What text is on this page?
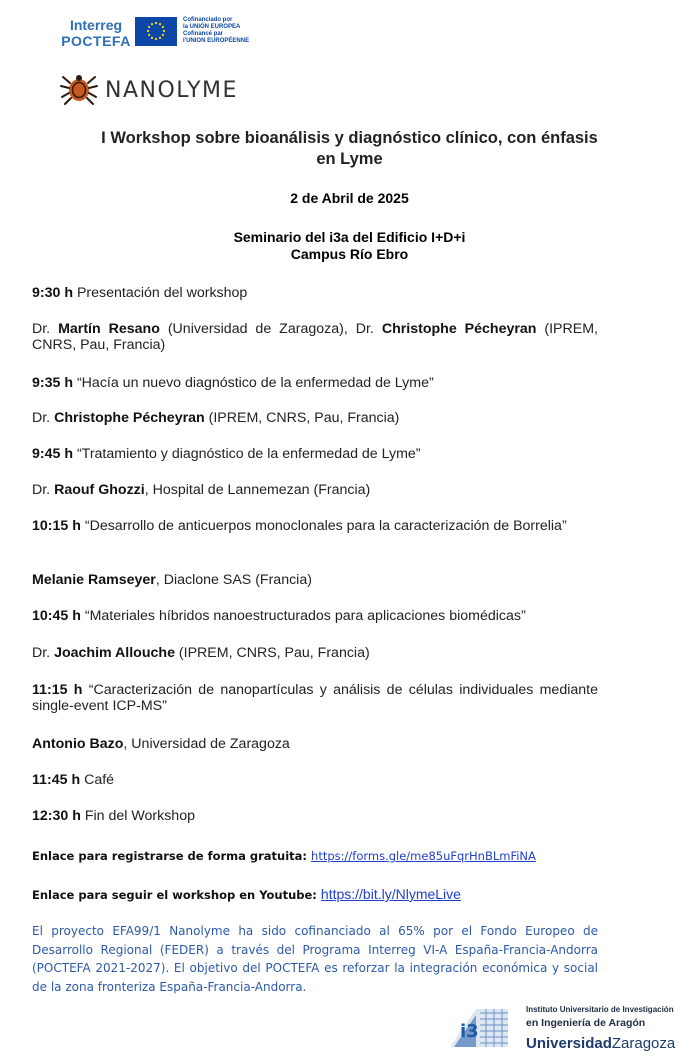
Interreg
POCTEFA
Cofinanciado por
la UNIÓN EUROPEA
Cofinancé par
l'UNION EUROPÉENNE
NANOLYME
I Workshop sobre bioanálisis y diagnóstico clínico, con énfasis en Lyme
2 de Abril de 2025
Seminario del i3a del Edificio I+D+i
Campus Río Ebro
9:30 h Presentación del workshop
Dr. Martín Resano (Universidad de Zaragoza), Dr. Christophe Pécheyran (IPREM, CNRS, Pau, Francia)
9:35 h “Hacía un nuevo diagnóstico de la enfermedad de Lyme”
Dr. Christophe Pécheyran (IPREM, CNRS, Pau, Francia)
9:45 h “Tratamiento y diagnóstico de la enfermedad de Lyme”
Dr. Raouf Ghozzi, Hospital de Lannemezan (Francia)
10:15 h “Desarrollo de anticuerpos monoclonales para la caracterización de Borrelia”
Melanie Ramseyer, Diaclone SAS (Francia)
10:45 h “Materiales híbridos nanoestructurados para aplicaciones biomédicas”
Dr. Joachim Allouche (IPREM, CNRS, Pau, Francia)
11:15 h “Caracterización de nanopartículas y análisis de células individuales mediante single-event ICP-MS”
Antonio Bazo, Universidad de Zaragoza
11:45 h Café
12:30 h Fin del Workshop
Enlace para registrarse de forma gratuita: https://forms.gle/me85uFqrHnBLmFiNA
Enlace para seguir el workshop en Youtube: https://bit.ly/NlymeLive
El proyecto EFA99/1 Nanolyme ha sido cofinanciado al 65% por el Fondo Europeo de Desarrollo Regional (FEDER) a través del Programa Interreg VI-A España-Francia-Andorra (POCTEFA 2021-2027). El objetivo del POCTEFA es reforzar la integración económica y social de la zona fronteriza España-Francia-Andorra.
i3
Instituto Universitario de Investigación
en Ingeniería de Aragón
UniversidadZaragoza
